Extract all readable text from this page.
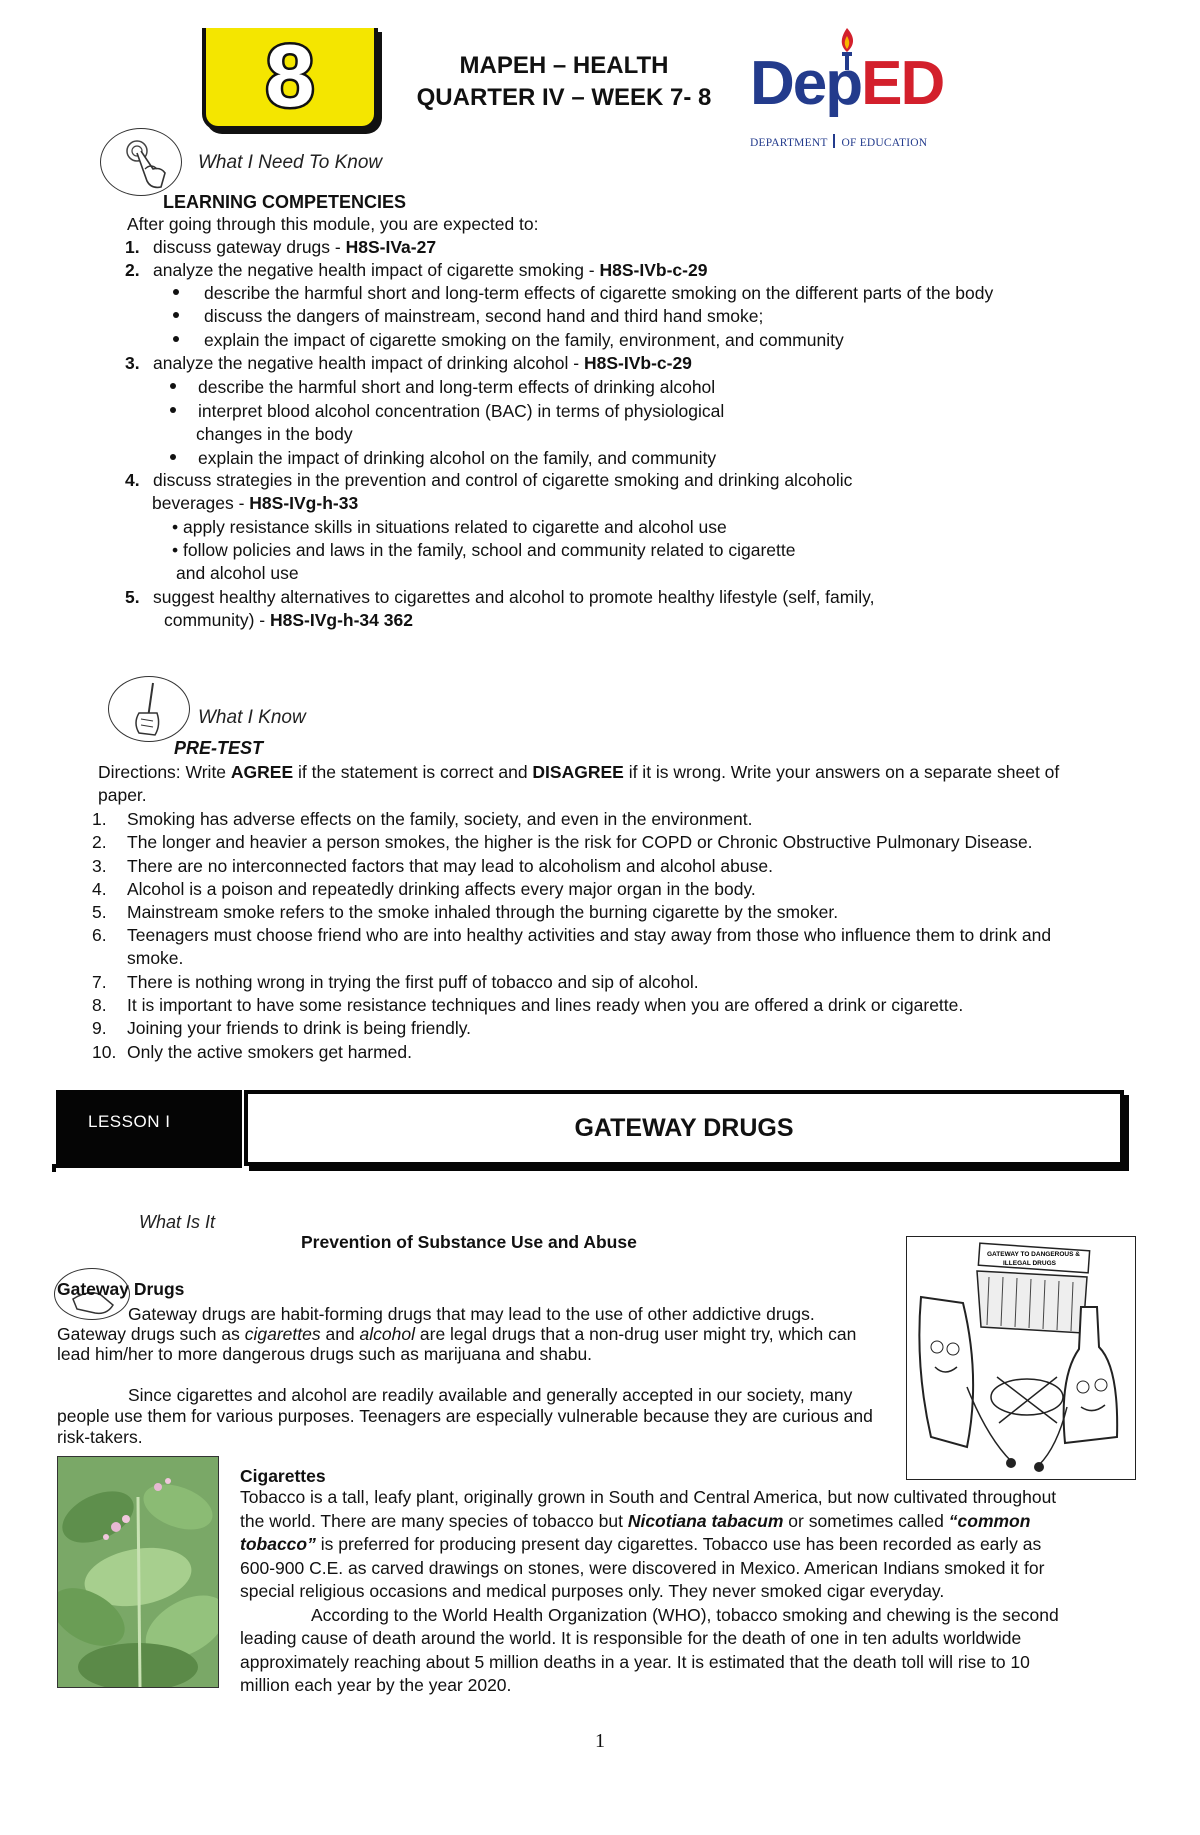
8	MAPEH – HEALTH
QUARTER IV – WEEK 7- 8 DepED
DEPARTMENT OF EDUCATION
What I Need To Know
LEARNING COMPETENCIES
After going through this module, you are expected to:
1. discuss gateway drugs - H8S-IVa-27
2. analyze the negative health impact of cigarette smoking - H8S-IVb-c-29
describe the harmful short and long-term effects of cigarette smoking on the different parts of the body
discuss the dangers of mainstream, second hand and third hand smoke;
explain the impact of cigarette smoking on the family, environment, and community
3. analyze the negative health impact of drinking alcohol - H8S-IVb-c-29
describe the harmful short and long-term effects of drinking alcohol
interpret blood alcohol concentration (BAC) in terms of physiological
changes in the body
explain the impact of drinking alcohol on the family, and community
4. discuss strategies in the prevention and control of cigarette smoking and drinking alcoholic
beverages - H8S-IVg-h-33
• apply resistance skills in situations related to cigarette and alcohol use
• follow policies and laws in the family, school and community related to cigarette
and alcohol use
5. suggest healthy alternatives to cigarettes and alcohol to promote healthy lifestyle (self, family,
community) - H8S-IVg-h-34 362
What I Know
PRE-TEST
Directions: Write AGREE if the statement is correct and DISAGREE if it is wrong. Write your answers on a separate sheet of
paper.
1. Smoking has adverse effects on the family, society, and even in the environment.
2. The longer and heavier a person smokes, the higher is the risk for COPD or Chronic Obstructive Pulmonary Disease.
3. There are no interconnected factors that may lead to alcoholism and alcohol abuse.
4. Alcohol is a poison and repeatedly drinking affects every major organ in the body.
5. Mainstream smoke refers to the smoke inhaled through the burning cigarette by the smoker.
6. Teenagers must choose friend who are into healthy activities and stay away from those who influence them to drink and
smoke.
7. There is nothing wrong in trying the first puff of tobacco and sip of alcohol.
8. It is important to have some resistance techniques and lines ready when you are offered a drink or cigarette.
9. Joining your friends to drink is being friendly.
10. Only the active smokers get harmed.
LESSON I	GATEWAY DRUGS
What Is It
Prevention of Substance Use and Abuse
Gateway Drugs
Gateway drugs are habit-forming drugs that may lead to the use of other addictive drugs.
Gateway drugs such as cigarettes and alcohol are legal drugs that a non-drug user might try, which can
lead him/her to more dangerous drugs such as marijuana and shabu.
Since cigarettes and alcohol are readily available and generally accepted in our society, many
people use them for various purposes. Teenagers are especially vulnerable because they are curious and
risk-takers.
GATEWAY TO DANGEROUS &
ILLEGAL DRUGS
Cigarettes
Tobacco is a tall, leafy plant, originally grown in South and Central America, but now cultivated throughout
the world. There are many species of tobacco but Nicotiana tabacum or sometimes called “common
tobacco” is preferred for producing present day cigarettes. Tobacco use has been recorded as early as
600-900 C.E. as carved drawings on stones, were discovered in Mexico. American Indians smoked it for
special religious occasions and medical purposes only. They never smoked cigar everyday.
According to the World Health Organization (WHO), tobacco smoking and chewing is the second
leading cause of death around the world. It is responsible for the death of one in ten adults worldwide
approximately reaching about 5 million deaths in a year. It is estimated that the death toll will rise to 10
million each year by the year 2020.
1
